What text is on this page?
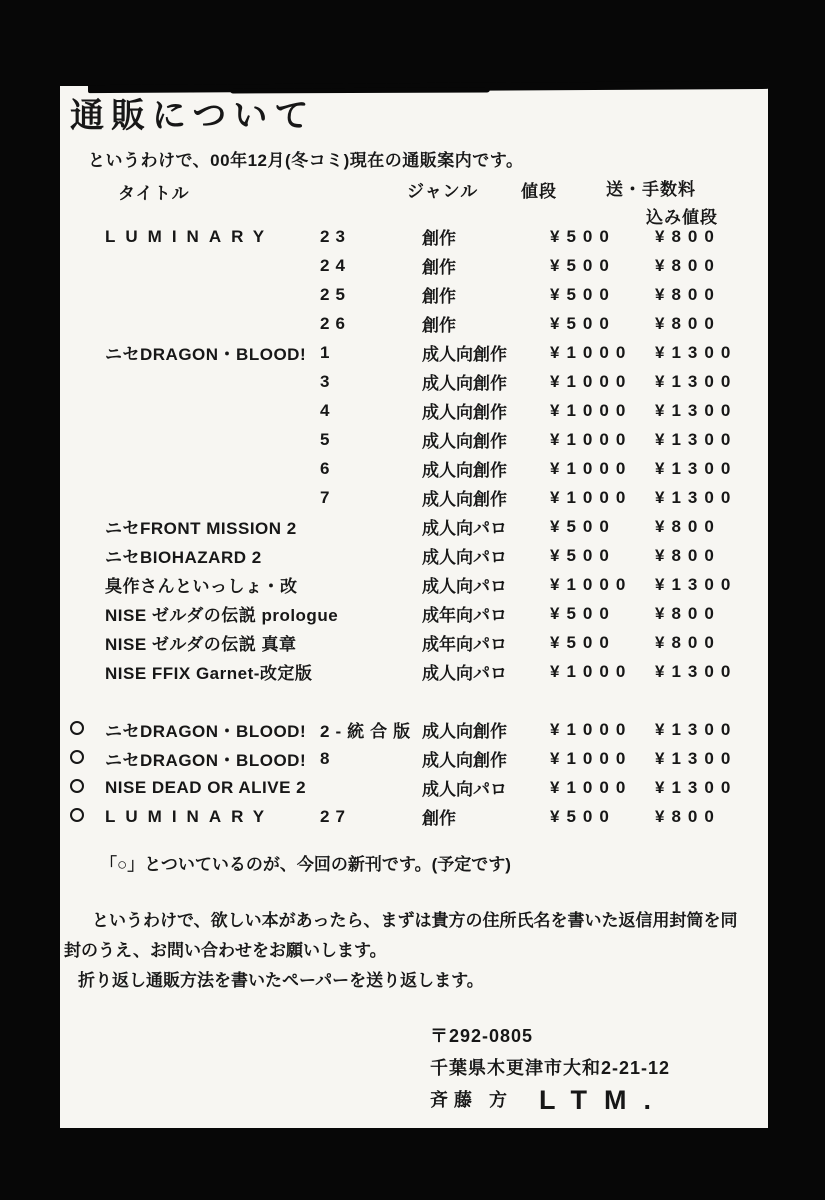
通販について

というわけで、00年12月(冬コミ)現在の通販案内です。

タイトル	ジャンル	値段	送・手数料
込み値段
LUMINARY	23	創作	¥500	¥800
24	創作	¥500	¥800
25	創作	¥500	¥800
26	創作	¥500	¥800
ニセDRAGON・BLOOD! 1	成人向創作	¥1000	¥1300
3	成人向創作	¥1000	¥1300
4	成人向創作	¥1000	¥1300
5	成人向創作	¥1000	¥1300
6	成人向創作	¥1000	¥1300
7	成人向創作	¥1000	¥1300
ニセFRONT MISSION 2	成人向パロ	¥500	¥800
ニセBIOHAZARD 2	成人向パロ	¥500	¥800
臭作さんといっしょ・改	成人向パロ	¥1000	¥1300
NISE ゼルダの伝説 prologue	成年向パロ	¥500	¥800
NISE ゼルダの伝説 真章	成年向パロ	¥500	¥800
NISE FFIX Garnet-改定版	成人向パロ	¥1000	¥1300
ニセDRAGON・BLOOD! 2-統合版 成人向創作	¥1000	¥1300
ニセDRAGON・BLOOD! 8	成人向創作	¥1000	¥1300
NISE DEAD OR ALIVE 2	成人向パロ	¥1000	¥1300
LUMINARY	27	創作	¥500	¥800

「○」とついているのが、今回の新刊です。(予定です)

というわけで、欲しい本があったら、まずは貴方の住所氏名を書いた返信用封筒を同
封のうえ、お問い合わせをお願いします。
折り返し通販方法を書いたペーパーを送り返します。
〒292-0805
千葉県木更津市大和2-21-12
斉藤 方 LTM.
